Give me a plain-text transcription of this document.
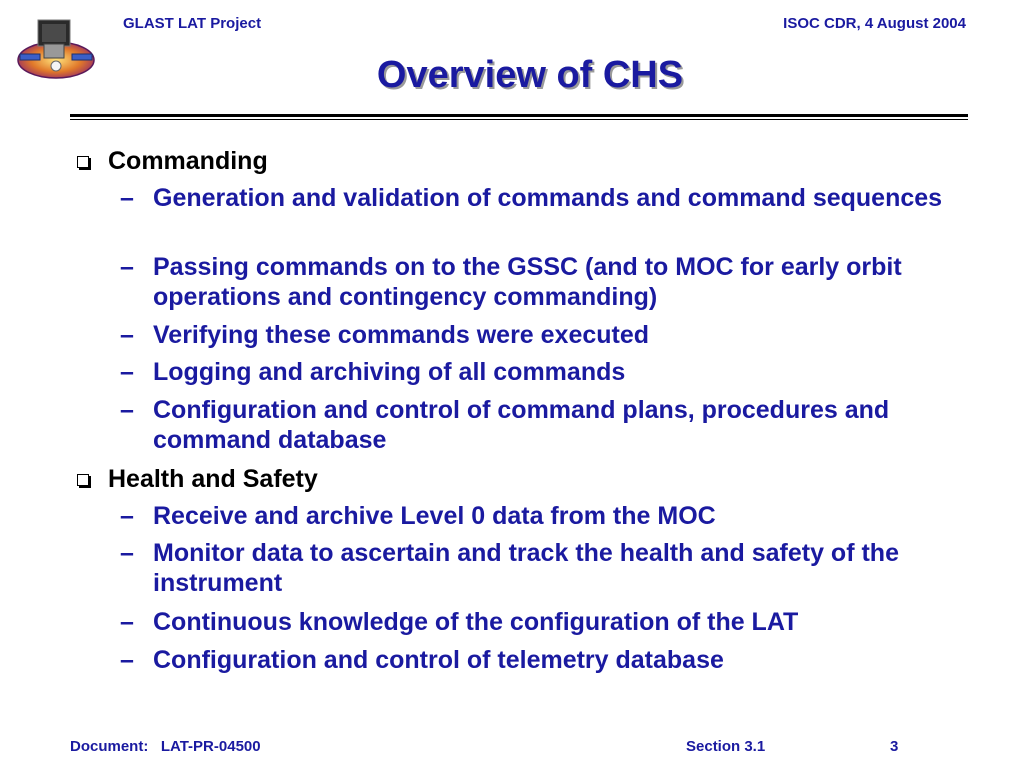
GLAST LAT Project	ISOC CDR, 4 August 2004
Overview of CHS

Commanding

– Generation and validation of commands and command sequences

– Passing commands on to the GSSC (and to MOC for early orbit operations and contingency commanding)

– Verifying these commands were executed

– Logging and archiving of all commands

– Configuration and control of command plans, procedures and command database

Health and Safety

– Receive and archive Level 0 data from the MOC

– Monitor data to ascertain and track the health and safety of the instrument

– Continuous knowledge of the configuration of the LAT

– Configuration and control of telemetry database

Document:   LAT-PR-04500	Section 3.1	3
